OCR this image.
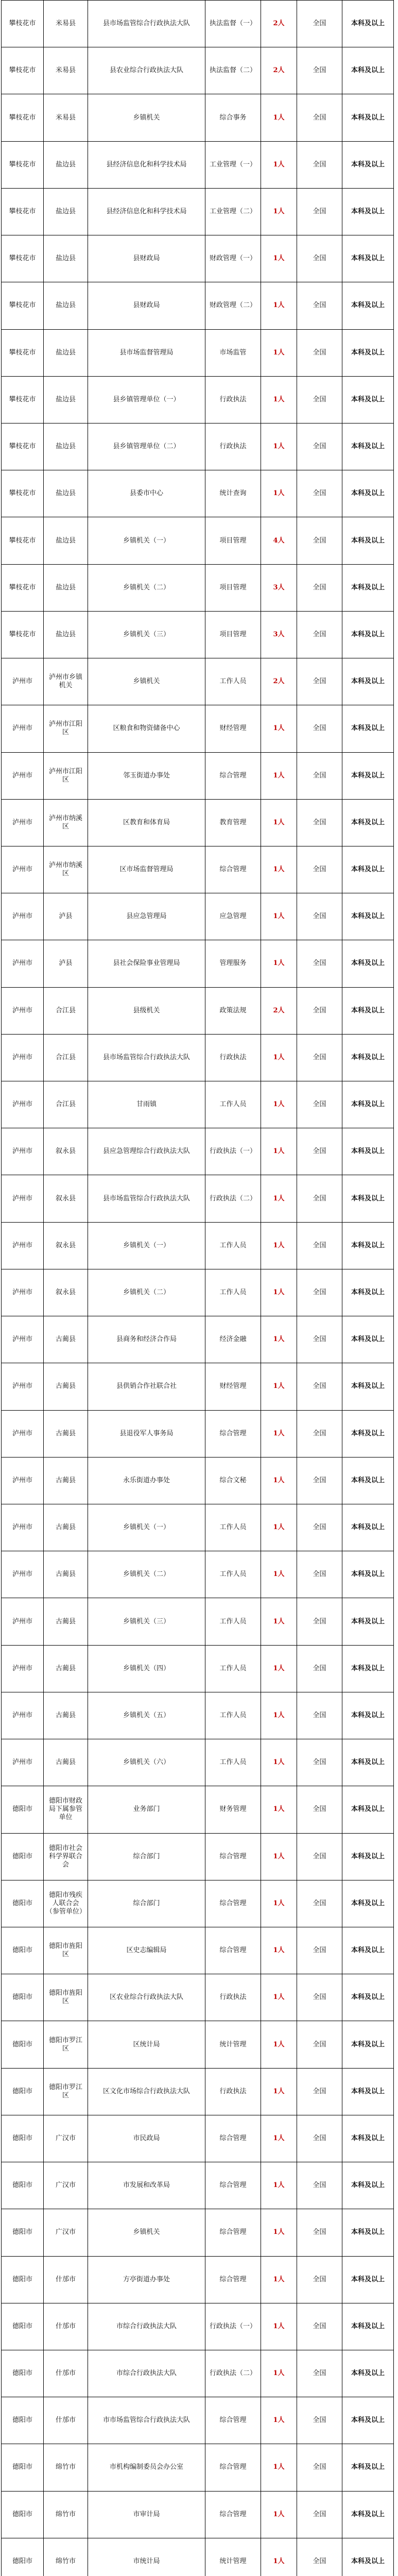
攀枝花市	米易县	县市场监管综合行政执法大队	执法监督（一）	2人	全国	本科及以上
攀枝花市	米易县	县农业综合行政执法大队	执法监督（二）	2人	全国	本科及以上
攀枝花市	米易县	乡镇机关	综合事务	1人	全国	本科及以上
攀枝花市	盐边县	县经济信息化和科学技术局	工业管理（一）	1人	全国	本科及以上
攀枝花市	盐边县	县经济信息化和科学技术局	工业管理（二）	1人	全国	本科及以上
攀枝花市	盐边县	县财政局	财政管理（一）	1人	全国	本科及以上
攀枝花市	盐边县	县财政局	财政管理（二）	1人	全国	本科及以上
攀枝花市	盐边县	县市场监督管理局	市场监管	1人	全国	本科及以上
攀枝花市	盐边县	县乡镇管理单位（一）	行政执法	1人	全国	本科及以上
攀枝花市	盐边县	县乡镇管理单位（二）	行政执法	1人	全国	本科及以上
攀枝花市	盐边县	县委市中心	统计查询	1人	全国	本科及以上
攀枝花市	盐边县	乡镇机关（一）	项目管理	4人	全国	本科及以上
攀枝花市	盐边县	乡镇机关（二）	项目管理	3人	全国	本科及以上
攀枝花市	盐边县	乡镇机关（三）	项目管理	3人	全国	本科及以上
泸州市	泸州市乡镇机关	乡镇机关	工作人员	2人	全国	本科及以上
泸州市	泸州市江阳区	区粮食和物资储备中心	财经管理	1人	全国	本科及以上
泸州市	泸州市江阳区	邻玉街道办事处	综合管理	1人	全国	本科及以上
泸州市	泸州市纳溪区	区教育和体育局	教育管理	1人	全国	本科及以上
泸州市	泸州市纳溪区	区市场监督管理局	综合管理	1人	全国	本科及以上
泸州市	泸县	县应急管理局	应急管理	1人	全国	本科及以上
泸州市	泸县	县社会保险事业管理局	管理服务	1人	全国	本科及以上
泸州市	合江县	县级机关	政策法规	2人	全国	本科及以上
泸州市	合江县	县市场监管综合行政执法大队	行政执法	1人	全国	本科及以上
泸州市	合江县	甘雨镇	工作人员	1人	全国	本科及以上
泸州市	叙永县	县应急管理综合行政执法大队	行政执法（一）	1人	全国	本科及以上
泸州市	叙永县	县市场监管综合行政执法大队	行政执法（二）	1人	全国	本科及以上
泸州市	叙永县	乡镇机关（一）	工作人员	1人	全国	本科及以上
泸州市	叙永县	乡镇机关（二）	工作人员	1人	全国	本科及以上
泸州市	古蔺县	县商务和经济合作局	经济金融	1人	全国	本科及以上
泸州市	古蔺县	县供销合作社联合社	财经管理	1人	全国	本科及以上
泸州市	古蔺县	县退役军人事务局	综合管理	1人	全国	本科及以上
泸州市	古蔺县	永乐街道办事处	综合文秘	1人	全国	本科及以上
泸州市	古蔺县	乡镇机关（一）	工作人员	1人	全国	本科及以上
泸州市	古蔺县	乡镇机关（二）	工作人员	1人	全国	本科及以上
泸州市	古蔺县	乡镇机关（三）	工作人员	1人	全国	本科及以上
泸州市	古蔺县	乡镇机关（四）	工作人员	1人	全国	本科及以上
泸州市	古蔺县	乡镇机关（五）	工作人员	1人	全国	本科及以上
泸州市	古蔺县	乡镇机关（六）	工作人员	1人	全国	本科及以上
德阳市	德阳市财政局下属参管单位	业务部门	财务管理	1人	全国	本科及以上
德阳市	德阳市社会科学界联合会	综合部门	综合管理	1人	全国	本科及以上
德阳市	德阳市残疾人联合会（参管单位）	综合部门	综合管理	1人	全国	本科及以上
德阳市	德阳市旌阳区	区史志编辑局	综合管理	1人	全国	本科及以上
德阳市	德阳市旌阳区	区农业综合行政执法大队	行政执法	1人	全国	本科及以上
德阳市	德阳市罗江区	区统计局	统计管理	1人	全国	本科及以上
德阳市	德阳市罗江区	区文化市场综合行政执法大队	行政执法	1人	全国	本科及以上
德阳市	广汉市	市民政局	综合管理	1人	全国	本科及以上
德阳市	广汉市	市发展和改革局	综合管理	1人	全国	本科及以上
德阳市	广汉市	乡镇机关	综合管理	1人	全国	本科及以上
德阳市	什邡市	方亭街道办事处	综合管理	1人	全国	本科及以上
德阳市	什邡市	市综合行政执法大队	行政执法（一）	1人	全国	本科及以上
德阳市	什邡市	市综合行政执法大队	行政执法（二）	1人	全国	本科及以上
德阳市	什邡市	市市场监管综合行政执法大队	综合管理	1人	全国	本科及以上
德阳市	绵竹市	市机构编制委员会办公室	综合管理	1人	全国	本科及以上
德阳市	绵竹市	市审计局	综合管理	1人	全国	本科及以上
德阳市	绵竹市	市统计局	统计管理	1人	全国	本科及以上
